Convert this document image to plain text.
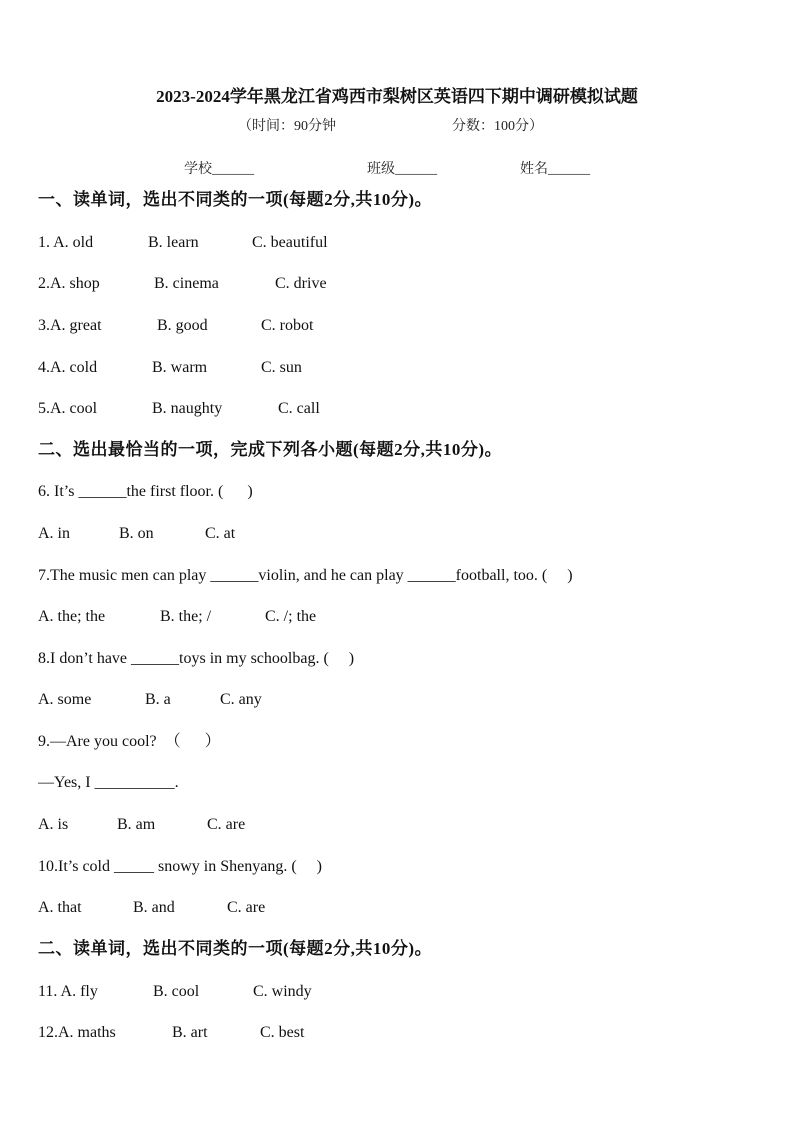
2023-2024学年黑龙江省鸡西市梨树区英语四下期中调研模拟试题
（时间：90分钟	分数：100分）
学校______	班级______	姓名______
一、读单词，选出不同类的一项(每题2分,共10分)。
1. A. old	B. learn	C. beautiful
2.A. shop	B. cinema	C. drive
3.A. great	B. good	C. robot
4.A. cold	B. warm	C. sun
5.A. cool	B. naughty	C. call
二、选出最恰当的一项，完成下列各小题(每题2分,共10分)。
6. It’s ______the first floor. (      )
A. in	B. on	C. at
7.The music men can play ______violin, and he can play ______football, too. (     )
A. the; the	B. the; /	C. /; the
8.I don’t have ______toys in my schoolbag. (     )
A. some	B. a	C. any
9.—Are you cool?  （      ）
—Yes, I __________.
A. is	B. am	C. are
10.It’s cold _____ snowy in Shenyang. (     )
A. that	B. and	C. are
二、读单词，选出不同类的一项(每题2分,共10分)。
11. A. fly	B. cool	C. windy
12.A. maths	B. art	C. best
